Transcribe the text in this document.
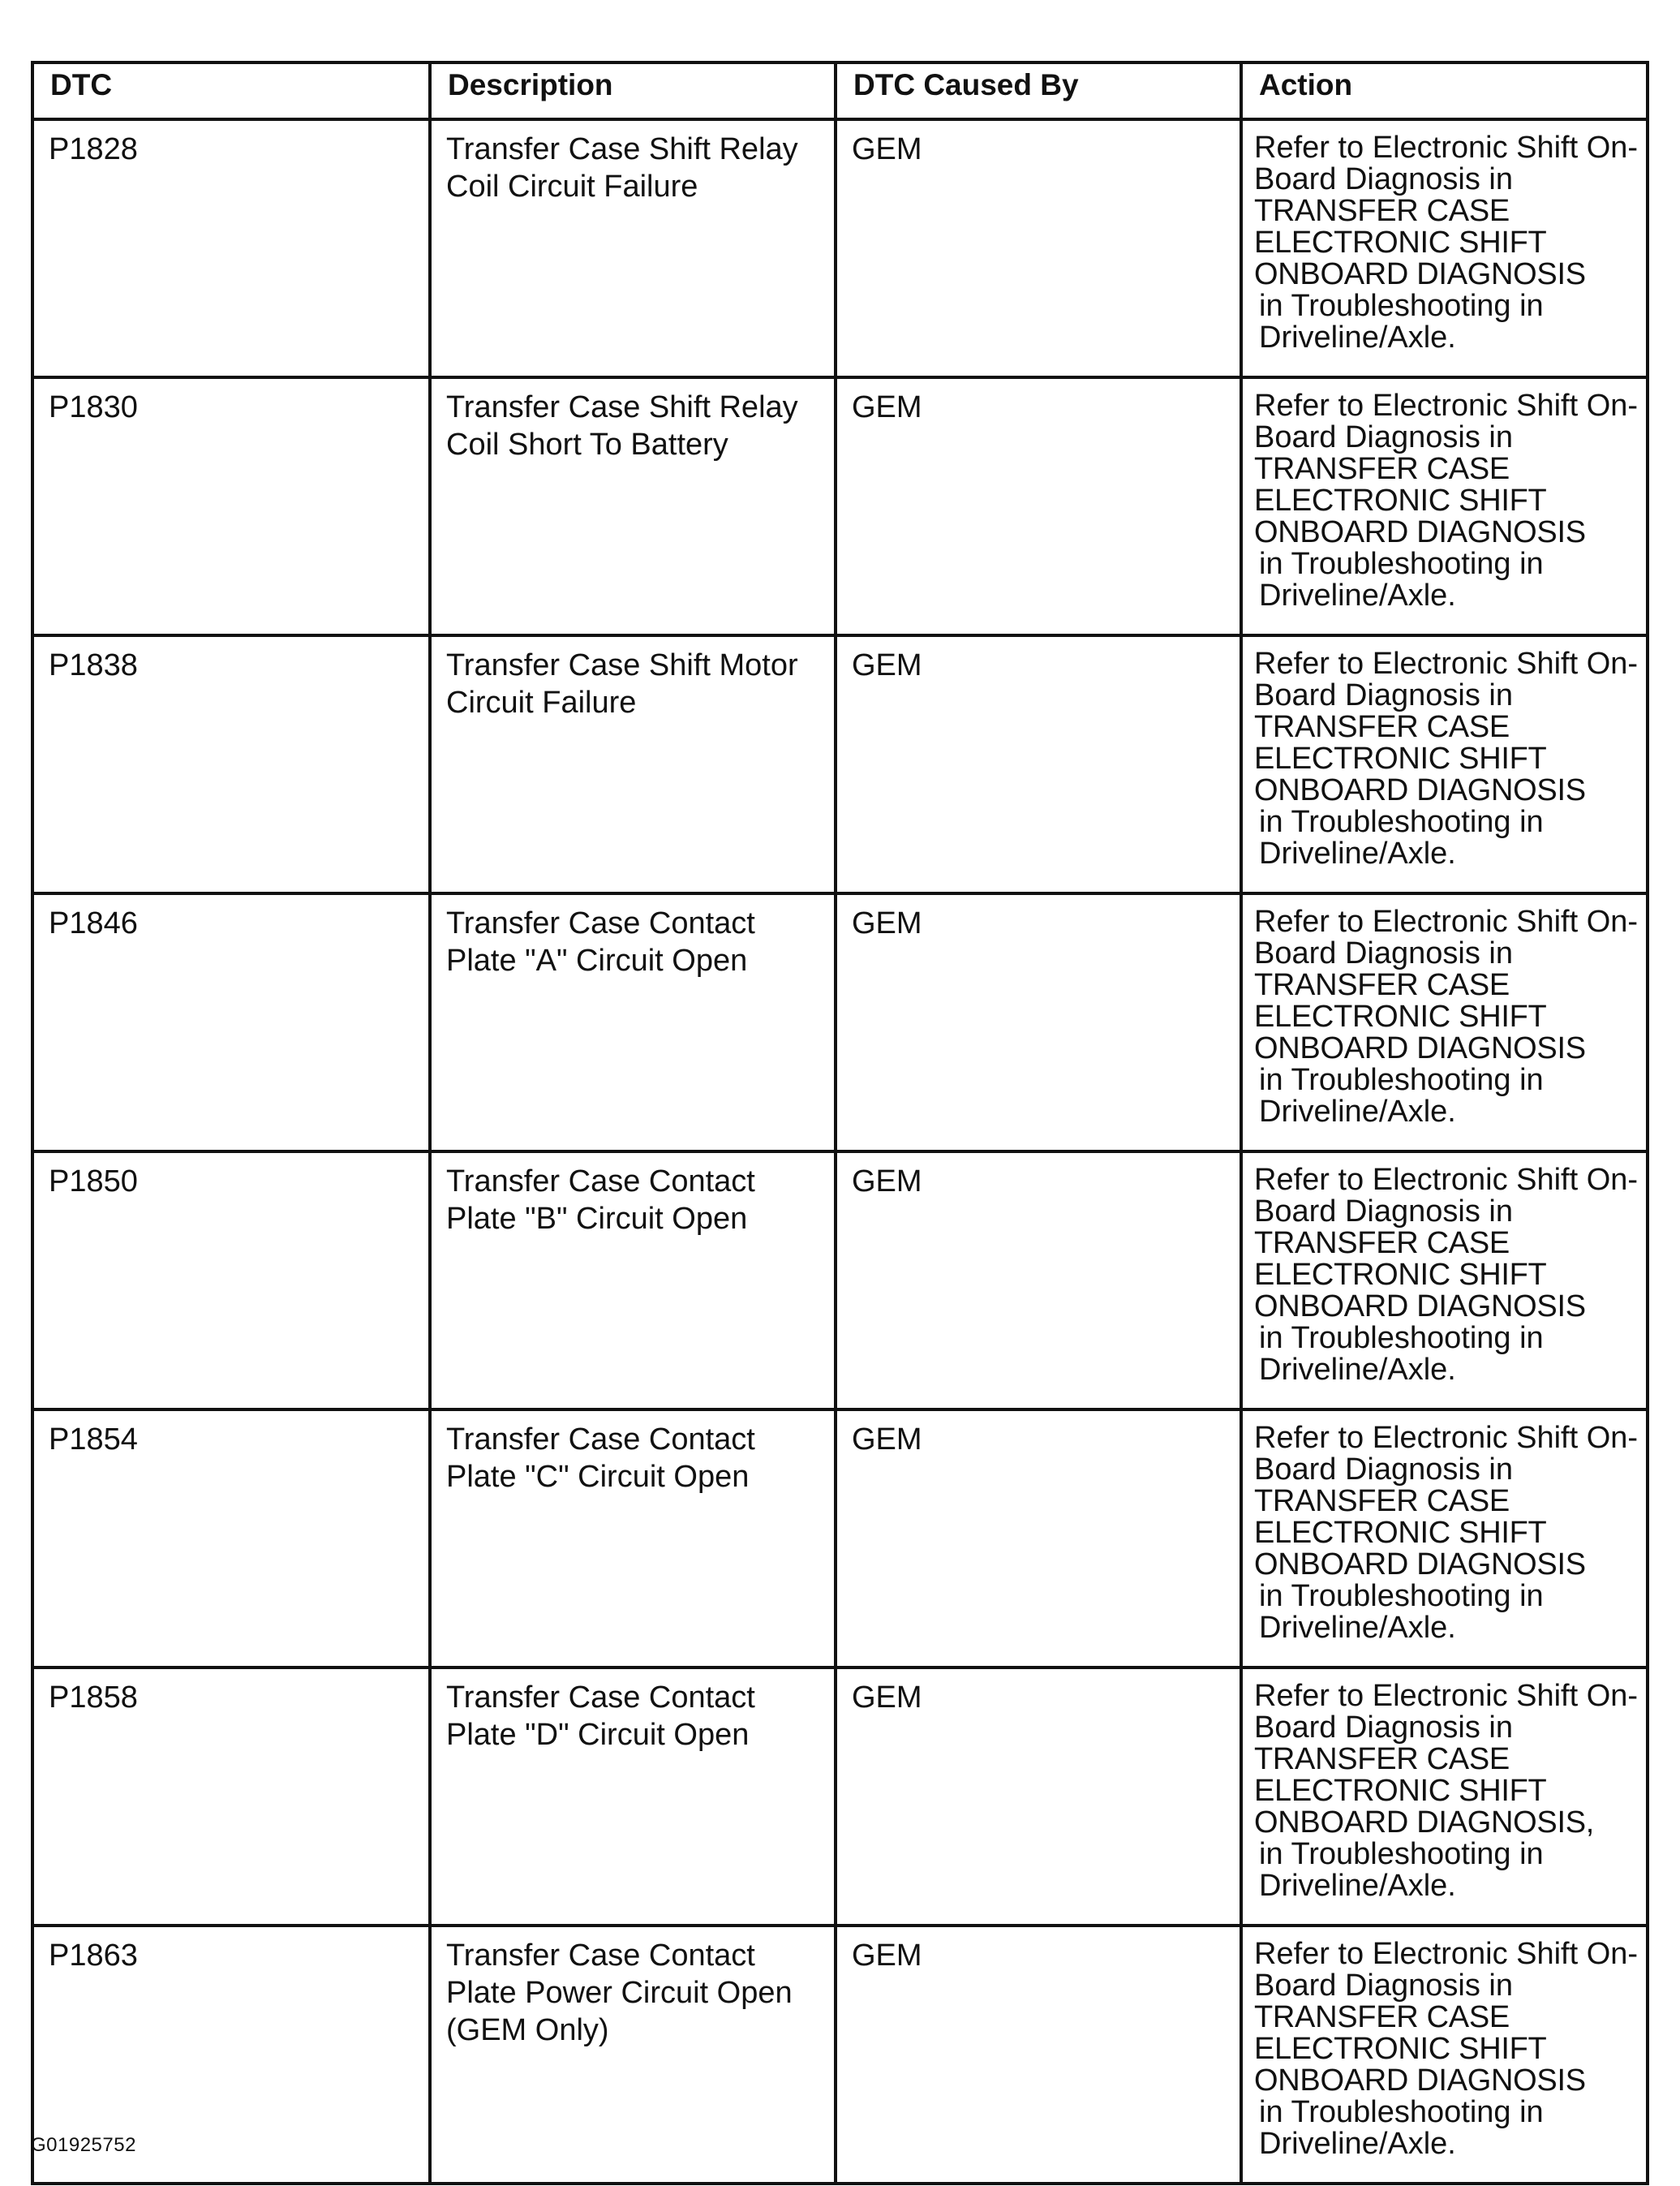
DTC	Description	DTC Caused By	Action
P1828	Transfer Case Shift Relay Coil Circuit Failure	GEM	Refer to Electronic Shift On-Board Diagnosis in
TRANSFER CASE ELECTRONIC SHIFT ONBOARD DIAGNOSIS
in Troubleshooting in Driveline/Axle.

P1830	Transfer Case Shift Relay Coil Short To Battery	GEM	Refer to Electronic Shift On-Board Diagnosis in
TRANSFER CASE ELECTRONIC SHIFT ONBOARD DIAGNOSIS
in Troubleshooting in Driveline/Axle.

P1838	Transfer Case Shift Motor Circuit Failure	GEM	Refer to Electronic Shift On-Board Diagnosis in
TRANSFER CASE ELECTRONIC SHIFT ONBOARD DIAGNOSIS
in Troubleshooting in Driveline/Axle.

P1846	Transfer Case Contact Plate "A" Circuit Open	GEM	Refer to Electronic Shift On-Board Diagnosis in
TRANSFER CASE ELECTRONIC SHIFT ONBOARD DIAGNOSIS
in Troubleshooting in Driveline/Axle.

P1850	Transfer Case Contact Plate "B" Circuit Open	GEM	Refer to Electronic Shift On-Board Diagnosis in
TRANSFER CASE ELECTRONIC SHIFT ONBOARD DIAGNOSIS
in Troubleshooting in Driveline/Axle.

P1854	Transfer Case Contact Plate "C" Circuit Open	GEM	Refer to Electronic Shift On-Board Diagnosis in
TRANSFER CASE ELECTRONIC SHIFT ONBOARD DIAGNOSIS
in Troubleshooting in Driveline/Axle.

P1858	Transfer Case Contact Plate "D" Circuit Open	GEM	Refer to Electronic Shift On-Board Diagnosis in
TRANSFER CASE ELECTRONIC SHIFT ONBOARD DIAGNOSIS,
in Troubleshooting in Driveline/Axle.

P1863	Transfer Case Contact Plate Power Circuit Open (GEM Only)	GEM	Refer to Electronic Shift On-Board Diagnosis in
TRANSFER CASE ELECTRONIC SHIFT ONBOARD DIAGNOSIS
in Troubleshooting in Driveline/Axle.
G01925752
